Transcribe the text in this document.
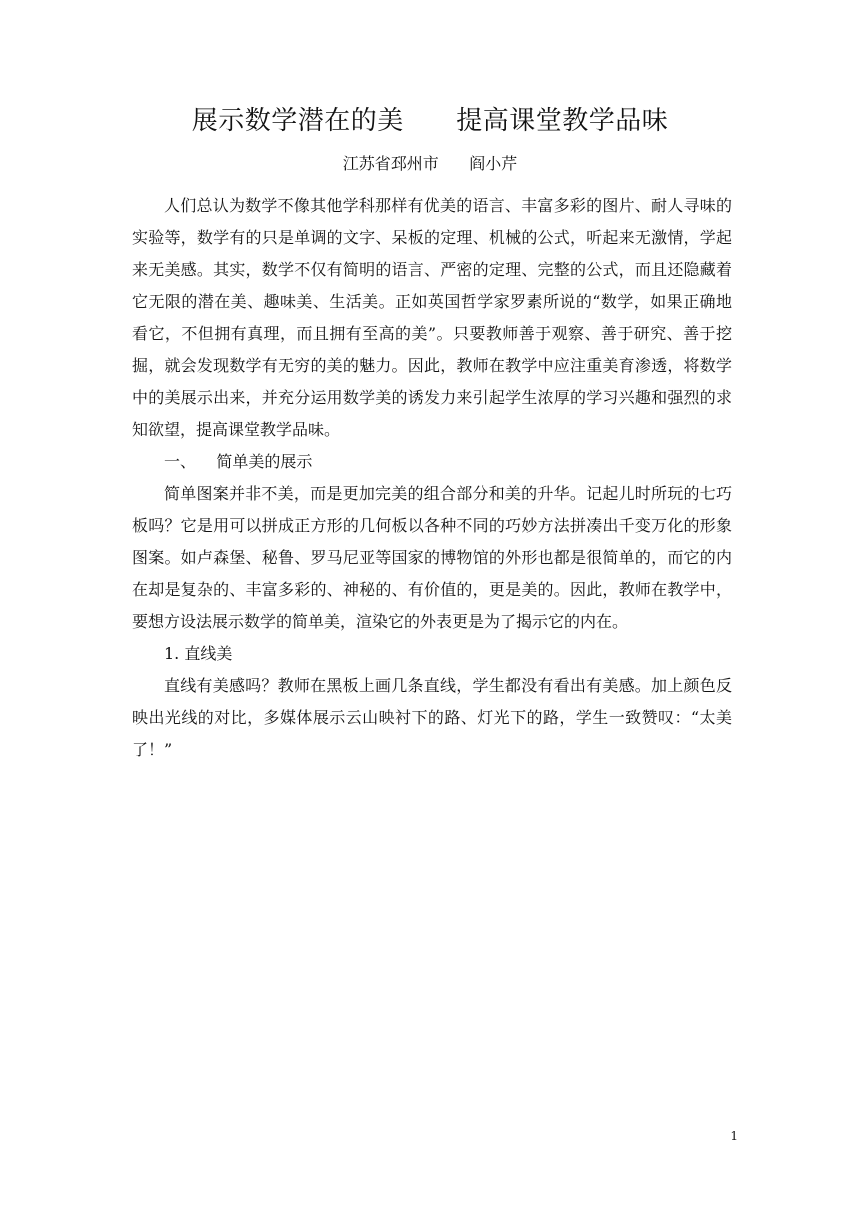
展示数学潜在的美      提高课堂教学品味
江苏省邳州市      阎小芹

人们总认为数学不像其他学科那样有优美的语言、丰富多彩的图片、耐人寻味的实验等，数学有的只是单调的文字、呆板的定理、机械的公式，听起来无激情，学起来无美感。其实，数学不仅有简明的语言、严密的定理、完整的公式，而且还隐藏着它无限的潜在美、趣味美、生活美。正如英国哲学家罗素所说的“数学，如果正确地看它，不但拥有真理，而且拥有至高的美”。只要教师善于观察、善于研究、善于挖掘，就会发现数学有无穷的美的魅力。因此，教师在教学中应注重美育渗透，将数学中的美展示出来，并充分运用数学美的诱发力来引起学生浓厚的学习兴趣和强烈的求知欲望，提高课堂教学品味。

一、    简单美的展示

简单图案并非不美，而是更加完美的组合部分和美的升华。记起儿时所玩的七巧板吗？它是用可以拼成正方形的几何板以各种不同的巧妙方法拼凑出千变万化的形象图案。如卢森堡、秘鲁、罗马尼亚等国家的博物馆的外形也都是很简单的，而它的内在却是复杂的、丰富多彩的、神秘的、有价值的，更是美的。因此，教师在教学中，要想方设法展示数学的简单美，渲染它的外表更是为了揭示它的内在。

1. 直线美

直线有美感吗？教师在黑板上画几条直线，学生都没有看出有美感。加上颜色反映出光线的对比，多媒体展示云山映衬下的路、灯光下的路，学生一致赞叹：“太美了！”

1
